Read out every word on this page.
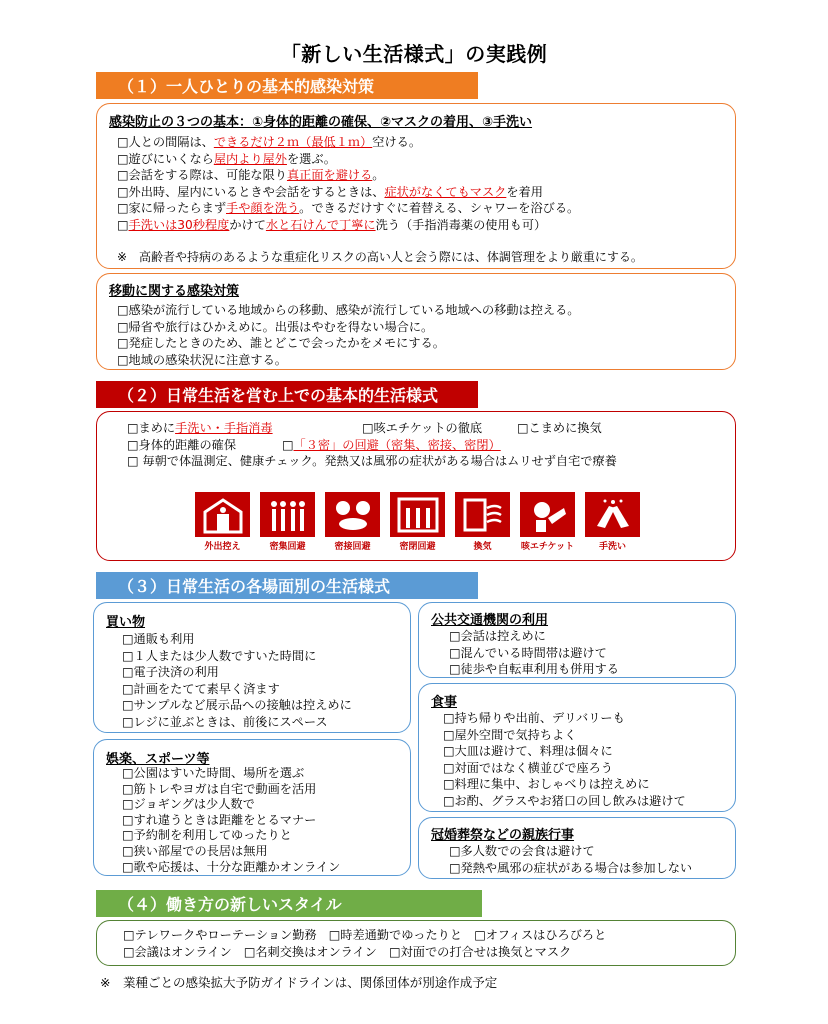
「新しい生活様式」の実践例
（１）一人ひとりの基本的感染対策
感染防止の３つの基本：①身体的距離の確保、②マスクの着用、③手洗い
□人との間隔は、できるだけ２ｍ（最低１ｍ）空ける。
□遊びにいくなら屋内より屋外を選ぶ。
□会話をする際は、可能な限り真正面を避ける。
□外出時、屋内にいるときや会話をするときは、症状がなくてもマスクを着用
□家に帰ったらまず手や顔を洗う。できるだけすぐに着替える、シャワーを浴びる。
□手洗いは30秒程度かけて水と石けんで丁寧に洗う（手指消毒薬の使用も可）
※　高齢者や持病のあるような重症化リスクの高い人と会う際には、体調管理をより厳重にする。
移動に関する感染対策
□感染が流行している地域からの移動、感染が流行している地域への移動は控える。
□帰省や旅行はひかえめに。出張はやむを得ない場合に。
□発症したときのため、誰とどこで会ったかをメモにする。
□地域の感染状況に注意する。
（２）日常生活を営む上での基本的生活様式
□まめに手洗い・手指消毒	□咳エチケットの徹底	□こまめに換気
□身体的距離の確保	□「３密」の回避（密集、密接、密閉）
□ 毎朝で体温測定、健康チェック。発熱又は風邪の症状がある場合はムリせず自宅で療養
外出控え	密集回避	密接回避	密閉回避	換気	咳エチケット	手洗い
（３）日常生活の各場面別の生活様式
買い物
□通販も利用
□１人または少人数ですいた時間に
□電子決済の利用
□計画をたてて素早く済ます
□サンプルなど展示品への接触は控えめに
□レジに並ぶときは、前後にスペース
娯楽、スポーツ等
□公園はすいた時間、場所を選ぶ
□筋トレやヨガは自宅で動画を活用
□ジョギングは少人数で
□すれ違うときは距離をとるマナー
□予約制を利用してゆったりと
□狭い部屋での長居は無用
□歌や応援は、十分な距離かオンライン
公共交通機関の利用
□会話は控えめに
□混んでいる時間帯は避けて
□徒歩や自転車利用も併用する
食事
□持ち帰りや出前、デリバリーも
□屋外空間で気持ちよく
□大皿は避けて、料理は個々に
□対面ではなく横並びで座ろう
□料理に集中、おしゃべりは控えめに
□お酌、グラスやお猪口の回し飲みは避けて
冠婚葬祭などの親族行事
□多人数での会食は避けて
□発熱や風邪の症状がある場合は参加しない
（４）働き方の新しいスタイル
□テレワークやローテーション勤務　□時差通勤でゆったりと　□オフィスはひろびろと
□会議はオンライン　□名刺交換はオンライン　□対面での打合せは換気とマスク
※　業種ごとの感染拡大予防ガイドラインは、関係団体が別途作成予定
